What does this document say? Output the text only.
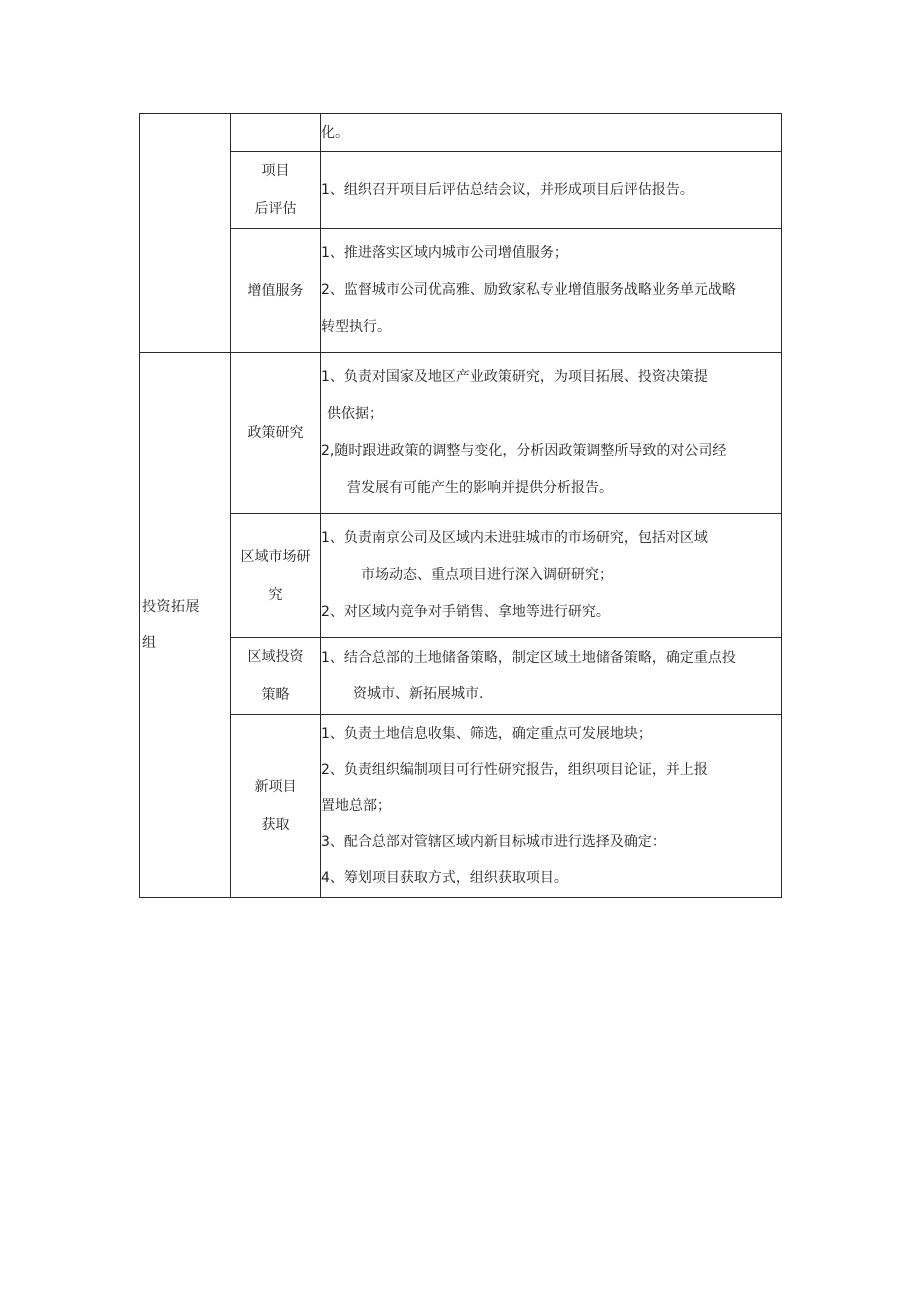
		化。

	项目
后评估	1、组织召开项目后评估总结会议，并形成项目后评估报告。

	增值服务	1、推进落实区域内城市公司增值服务；
2、监督城市公司优高雅、励致家私专业增值服务战略业务单元战略
转型执行。

投资拓展
组	政策研究	1、负责对国家及地区产业政策研究，为项目拓展、投资决策提
供依据；
2,随时跟进政策的调整与变化，分析因政策调整所导致的对公司经
营发展有可能产生的影响并提供分析报告。

	区域市场研
究	1、负责南京公司及区域内未进驻城市的市场研究，包括对区域
市场动态、重点项目进行深入调研研究；
2、对区域内竞争对手销售、拿地等进行研究。

	区域投资
策略	1、结合总部的土地储备策略，制定区域土地储备策略，确定重点投
资城市、新拓展城市.

	新项目
获取	1、负责土地信息收集、筛选，确定重点可发展地块；
2、负责组织编制项目可行性研究报告，组织项目论证，并上报
置地总部；
3、配合总部对管辖区域内新目标城市进行选择及确定：
4、筹划项目获取方式，组织获取项目。
